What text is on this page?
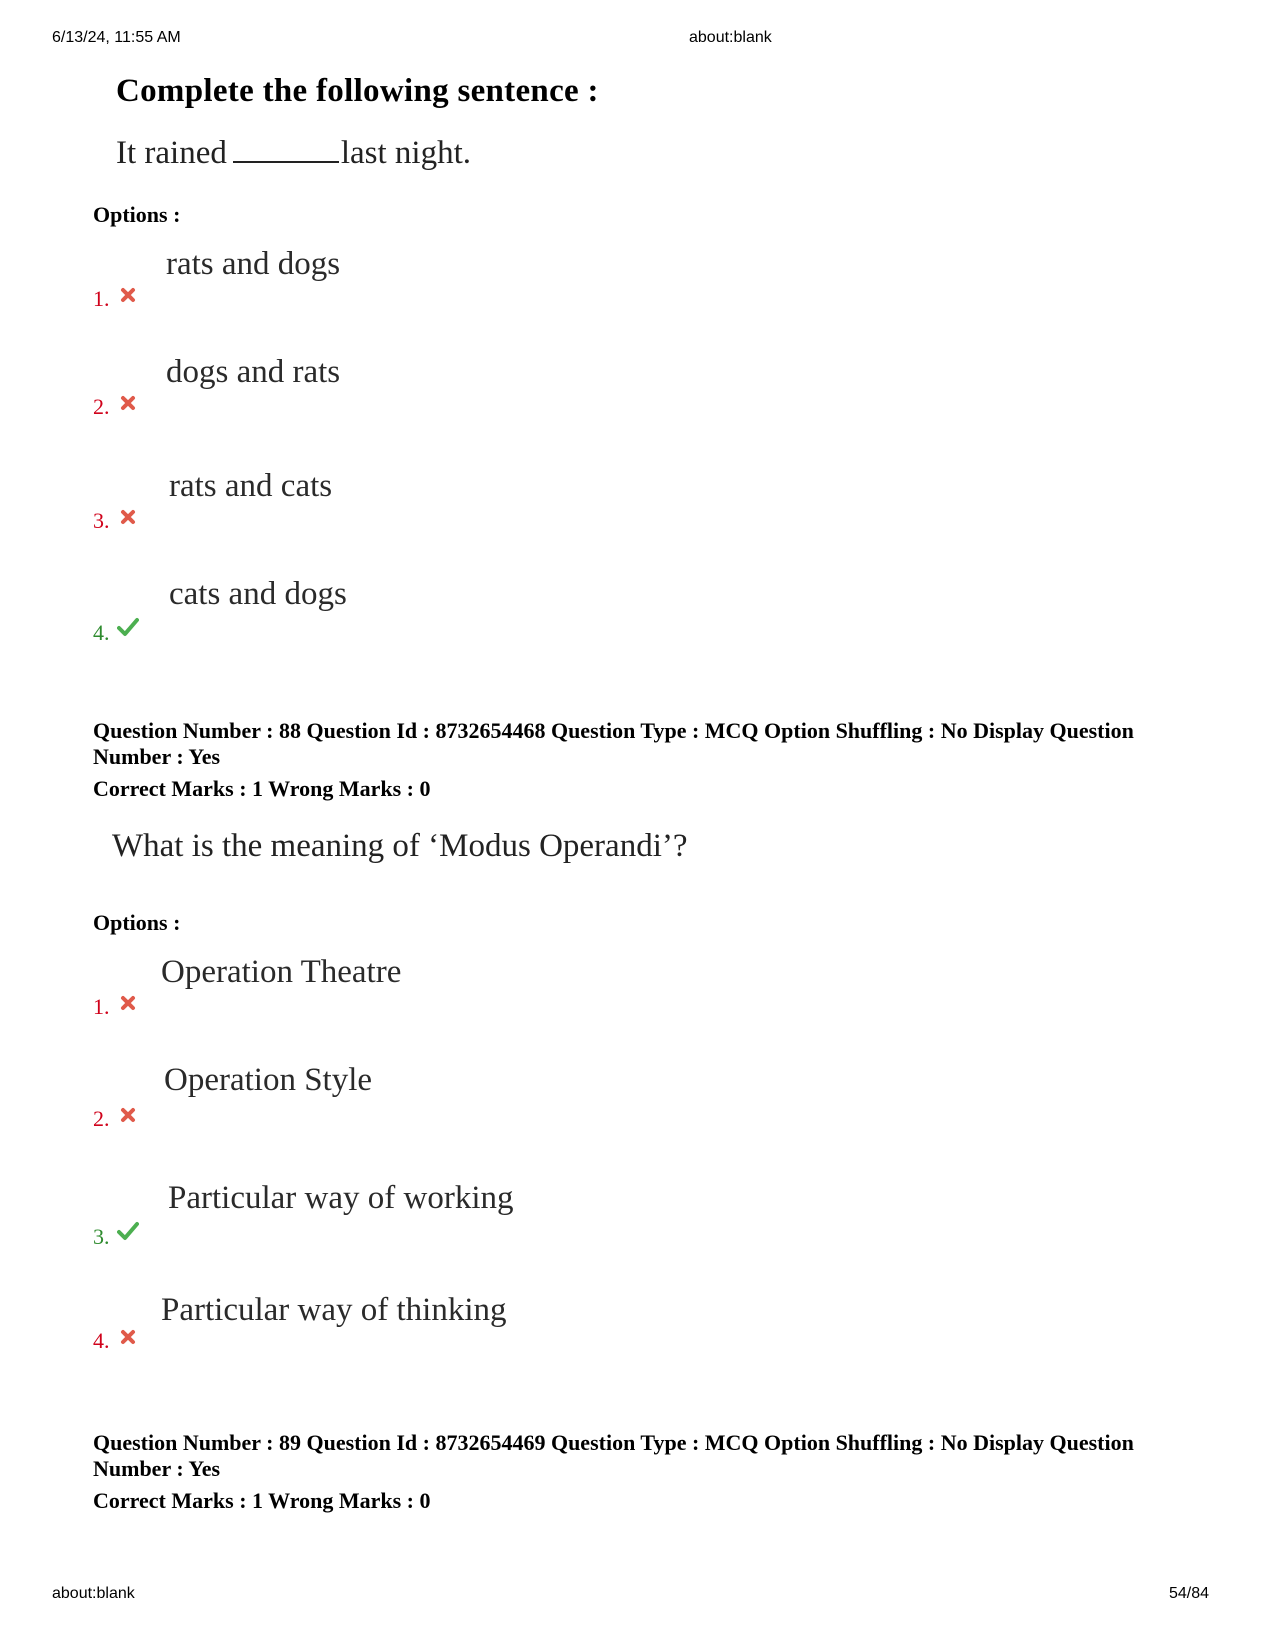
6/13/24, 11:55 AM	about:blank
Complete the following sentence :
It rained	last night.
Options :
1.
rats and dogs
2.
dogs and rats
3.
rats and cats
4.
cats and dogs
Question Number : 88 Question Id : 8732654468 Question Type : MCQ Option Shuffling : No Display Question Number : Yes
Correct Marks : 1 Wrong Marks : 0
What is the meaning of ‘Modus Operandi’?
Options :
1.
Operation Theatre
2.
Operation Style
3.
Particular way of working
4.
Particular way of thinking
Question Number : 89 Question Id : 8732654469 Question Type : MCQ Option Shuffling : No Display Question Number : Yes
Correct Marks : 1 Wrong Marks : 0
about:blank	54/84
